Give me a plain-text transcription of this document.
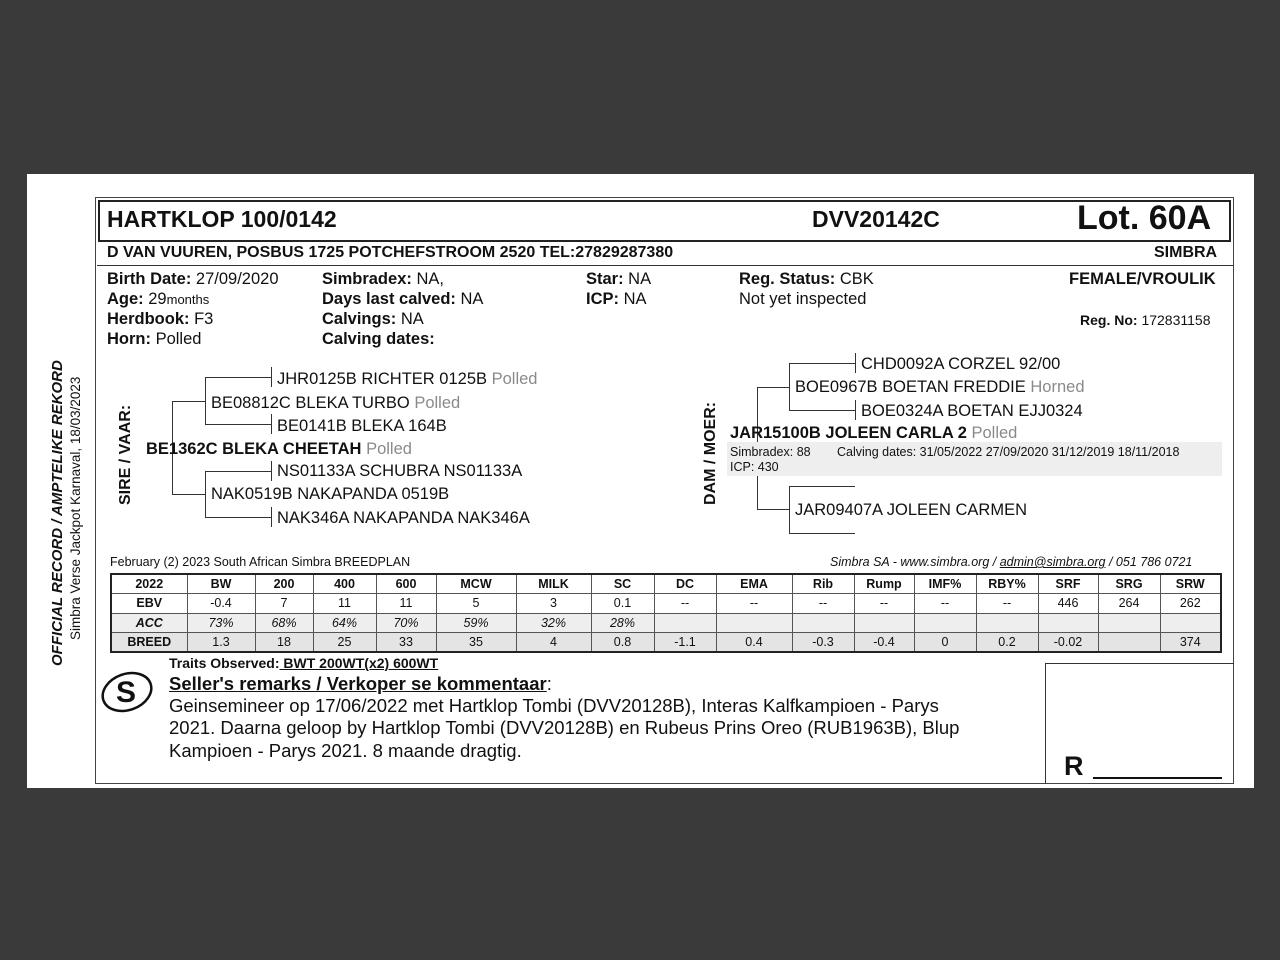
OFFICIAL RECORD / AMPTELIKE REKORD Simbra Verse Jackpot Karnaval, 18/03/2023
HARTKLOP 100/0142	DVV20142C	Lot. 60A
D VAN VUUREN, POSBUS 1725 POTCHEFSTROOM 2520 TEL:27829287380	SIMBRA
Birth Date: 27/09/2020
Age: 29months
Herdbook: F3
Horn: Polled
Simbradex: NA,
Days last calved: NA
Calvings: NA
Calving dates:
Star: NA
ICP: NA
Reg. Status: CBK
Not yet inspected
FEMALE/VROULIK
Reg. No: 172831158
SIRE / VAAR:
JHR0125B RICHTER 0125B Polled
BE08812C BLEKA TURBO Polled
BE0141B BLEKA 164B
BE1362C BLEKA CHEETAH Polled
NS01133A SCHUBRA NS01133A
NAK0519B NAKAPANDA 0519B
NAK346A NAKAPANDA NAK346A
DAM / MOER:
CHD0092A CORZEL 92/00
BOE0967B BOETAN FREDDIE Horned
BOE0324A BOETAN EJJ0324
JAR15100B JOLEEN CARLA 2 Polled
Simbradex: 88 Calving dates: 31/05/2022 27/09/2020 31/12/2019 18/11/2018
ICP: 430
JAR09407A JOLEEN CARMEN
February (2) 2023 South African Simbra BREEDPLAN	Simbra SA - www.simbra.org / admin@simbra.org / 051 786 0721
2022	BW	200	400	600	MCW	MILK	SC	DC	EMA	Rib	Rump	IMF%	RBY%	SRF	SRG	SRW
EBV	-0.4	7	11	11	5	3	0.1	--	--	--	--	--	--	446	264	262
ACC	73%	68%	64%	70%	59%	32%	28%									
BREED	1.3	18	25	33	35	4	0.8	-1.1	0.4	-0.3	-0.4	0	0.2	-0.02		374
S
Traits Observed: BWT 200WT(x2) 600WT
Seller's remarks / Verkoper se kommentaar:
Geinsemineer op 17/06/2022 met Hartklop Tombi (DVV20128B), Interas Kalfkampioen - Parys
2021. Daarna geloop by Hartklop Tombi (DVV20128B) en Rubeus Prins Oreo (RUB1963B), Blup
Kampioen - Parys 2021. 8 maande dragtig.
R
